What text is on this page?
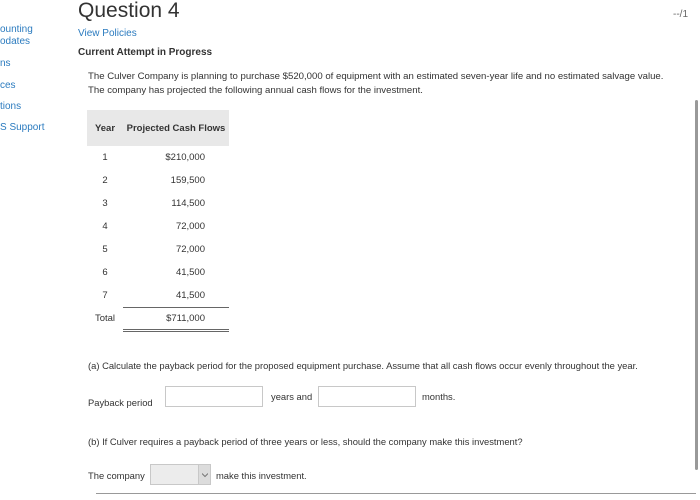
ounting
odates
ns
ces
tions
S Support
Question 4	--/1
View Policies
Current Attempt in Progress

The Culver Company is planning to purchase $520,000 of equipment with an estimated seven-year life and no estimated salvage value. The company has projected the following annual cash flows for the investment.

Year	Projected Cash Flows
1	$210,000
2	159,500
3	114,500
4	72,000
5	72,000
6	41,500
7	41,500
Total	$711,000

(a) Calculate the payback period for the proposed equipment purchase. Assume that all cash flows occur evenly throughout the year.

Payback period
years and	months.

(b) If Culver requires a payback period of three years or less, should the company make this investment?

The company	make this investment.
